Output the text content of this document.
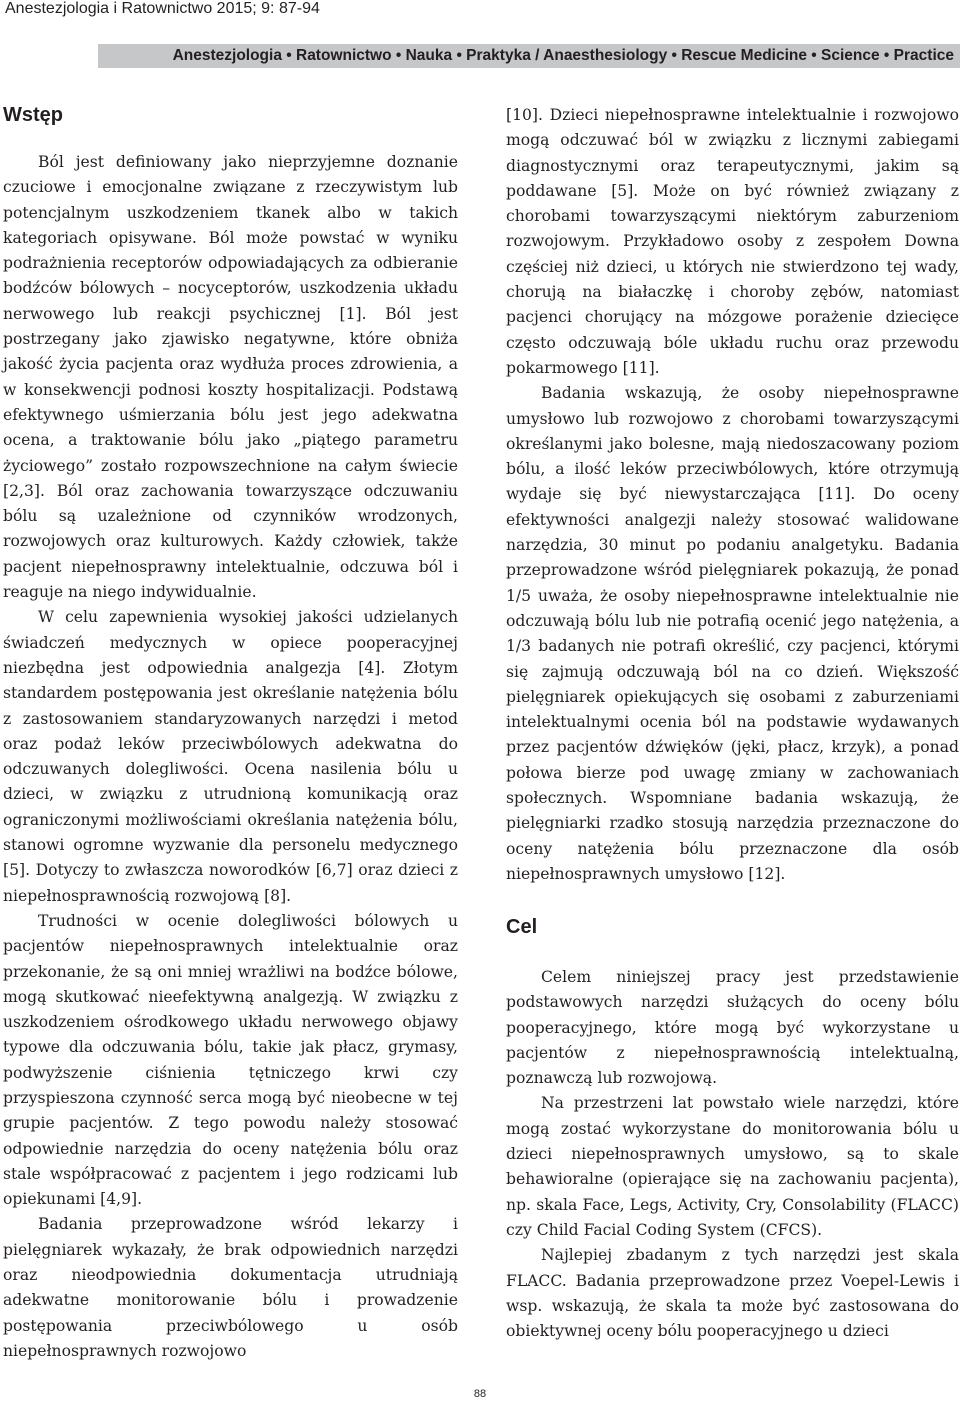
Anestezjologia i Ratownictwo 2015; 9: 87-94
Anestezjologia • Ratownictwo • Nauka • Praktyka / Anaesthesiology • Rescue Medicine • Science • Practice
Wstęp

Ból jest definiowany jako nieprzyjemne doznanie czuciowe i emocjonalne związane z rzeczywistym lub potencjalnym uszkodzeniem tkanek albo w takich kategoriach opisywane. Ból może powstać w wyniku podrażnienia receptorów odpowiadających za odbieranie bodźców bólowych – nocyceptorów, uszkodzenia układu nerwowego lub reakcji psychicznej [1]. Ból jest postrzegany jako zjawisko negatywne, które obniża jakość życia pacjenta oraz wydłuża proces zdrowienia, a w konsekwencji podnosi koszty hospitalizacji. Podstawą efektywnego uśmierzania bólu jest jego adekwatna ocena, a traktowanie bólu jako „piątego parametru życiowego” zostało rozpowszechnione na całym świecie [2,3]. Ból oraz zachowania towarzyszące odczuwaniu bólu są uzależnione od czynników wrodzonych, rozwojowych oraz kulturowych. Każdy człowiek, także pacjent niepełnosprawny intelektualnie, odczuwa ból i reaguje na niego indywidualnie.

W celu zapewnienia wysokiej jakości udzielanych świadczeń medycznych w opiece pooperacyjnej niezbędna jest odpowiednia analgezja [4]. Złotym standardem postępowania jest określanie natężenia bólu z zastosowaniem standaryzowanych narzędzi i metod oraz podaż leków przeciwbólowych adekwatna do odczuwanych dolegliwości. Ocena nasilenia bólu u dzieci, w związku z utrudnioną komunikacją oraz ograniczonymi możliwościami określania natężenia bólu, stanowi ogromne wyzwanie dla personelu medycznego [5]. Dotyczy to zwłaszcza noworodków [6,7] oraz dzieci z niepełnosprawnością rozwojową [8].

Trudności w ocenie dolegliwości bólowych u pacjentów niepełnosprawnych intelektualnie oraz przekonanie, że są oni mniej wrażliwi na bodźce bólowe, mogą skutkować nieefektywną analgezją. W związku z uszkodzeniem ośrodkowego układu nerwowego objawy typowe dla odczuwania bólu, takie jak płacz, grymasy, podwyższenie ciśnienia tętniczego krwi czy przyspieszona czynność serca mogą być nieobecne w tej grupie pacjentów. Z tego powodu należy stosować odpowiednie narzędzia do oceny natężenia bólu oraz stale współpracować z pacjentem i jego rodzicami lub opiekunami [4,9].

Badania przeprowadzone wśród lekarzy i pielęgniarek wykazały, że brak odpowiednich narzędzi oraz nieodpowiednia dokumentacja utrudniają adekwatne monitorowanie bólu i prowadzenie postępowania przeciwbólowego u osób niepełnosprawnych rozwojowo

[10]. Dzieci niepełnosprawne intelektualnie i rozwojowo mogą odczuwać ból w związku z licznymi zabiegami diagnostycznymi oraz terapeutycznymi, jakim są poddawane [5]. Może on być również związany z chorobami towarzyszącymi niektórym zaburzeniom rozwojowym. Przykładowo osoby z zespołem Downa częściej niż dzieci, u których nie stwierdzono tej wady, chorują na białaczkę i choroby zębów, natomiast pacjenci chorujący na mózgowe porażenie dziecięce często odczuwają bóle układu ruchu oraz przewodu pokarmowego [11].

Badania wskazują, że osoby niepełnosprawne umysłowo lub rozwojowo z chorobami towarzyszącymi określanymi jako bolesne, mają niedoszacowany poziom bólu, a ilość leków przeciwbólowych, które otrzymują wydaje się być niewystarczająca [11]. Do oceny efektywności analgezji należy stosować walidowane narzędzia, 30 minut po podaniu analgetyku. Badania przeprowadzone wśród pielęgniarek pokazują, że ponad 1/5 uważa, że osoby niepełnosprawne intelektualnie nie odczuwają bólu lub nie potrafią ocenić jego natężenia, a 1/3 badanych nie potrafi określić, czy pacjenci, którymi się zajmują odczuwają ból na co dzień. Większość pielęgniarek opiekujących się osobami z zaburzeniami intelektualnymi ocenia ból na podstawie wydawanych przez pacjentów dźwięków (jęki, płacz, krzyk), a ponad połowa bierze pod uwagę zmiany w zachowaniach społecznych. Wspomniane badania wskazują, że pielęgniarki rzadko stosują narzędzia przeznaczone do oceny natężenia bólu przeznaczone dla osób niepełnosprawnych umysłowo [12].

Cel

Celem niniejszej pracy jest przedstawienie podstawowych narzędzi służących do oceny bólu pooperacyjnego, które mogą być wykorzystane u pacjentów z niepełnosprawnością intelektualną, poznawczą lub rozwojową.

Na przestrzeni lat powstało wiele narzędzi, które mogą zostać wykorzystane do monitorowania bólu u dzieci niepełnosprawnych umysłowo, są to skale behawioralne (opierające się na zachowaniu pacjenta), np. skala Face, Legs, Activity, Cry, Consolability (FLACC) czy Child Facial Coding System (CFCS).

Najlepiej zbadanym z tych narzędzi jest skala FLACC. Badania przeprowadzone przez Voepel-Lewis i wsp. wskazują, że skala ta może być zastosowana do obiektywnej oceny bólu pooperacyjnego u dzieci

88
